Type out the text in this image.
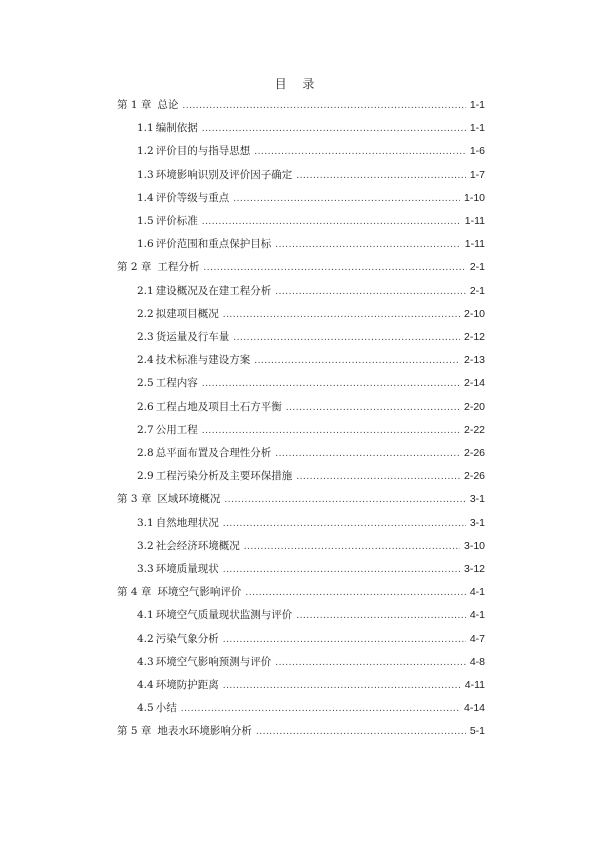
目 录
第 1 章 总论 .....	1-1
1.1 编制依据 .....	1-1
1.2 评价目的与指导思想 .....	1-6
1.3 环境影响识别及评价因子确定 .....	1-7
1.4 评价等级与重点 .....	1-10
1.5 评价标准 .....	1-11
1.6 评价范围和重点保护目标 .....	1-11
第 2 章 工程分析 .....	2-1
2.1 建设概况及在建工程分析 .....	2-1
2.2 拟建项目概况 .....	2-10
2.3 货运量及行车量 .....	2-12
2.4 技术标准与建设方案 .....	2-13
2.5 工程内容 .....	2-14
2.6 工程占地及项目土石方平衡 .....	2-20
2.7 公用工程 .....	2-22
2.8 总平面布置及合理性分析 .....	2-26
2.9 工程污染分析及主要环保措施 .....	2-26
第 3 章 区域环境概况 .....	3-1
3.1 自然地理状况 .....	3-1
3.2 社会经济环境概况 .....	3-10
3.3 环境质量现状 .....	3-12
第 4 章 环境空气影响评价 .....	4-1
4.1 环境空气质量现状监测与评价 .....	4-1
4.2 污染气象分析 .....	4-7
4.3 环境空气影响预测与评价 .....	4-8
4.4 环境防护距离 .....	4-11
4.5 小结 .....	4-14
第 5 章 地表水环境影响分析 .....	5-1
